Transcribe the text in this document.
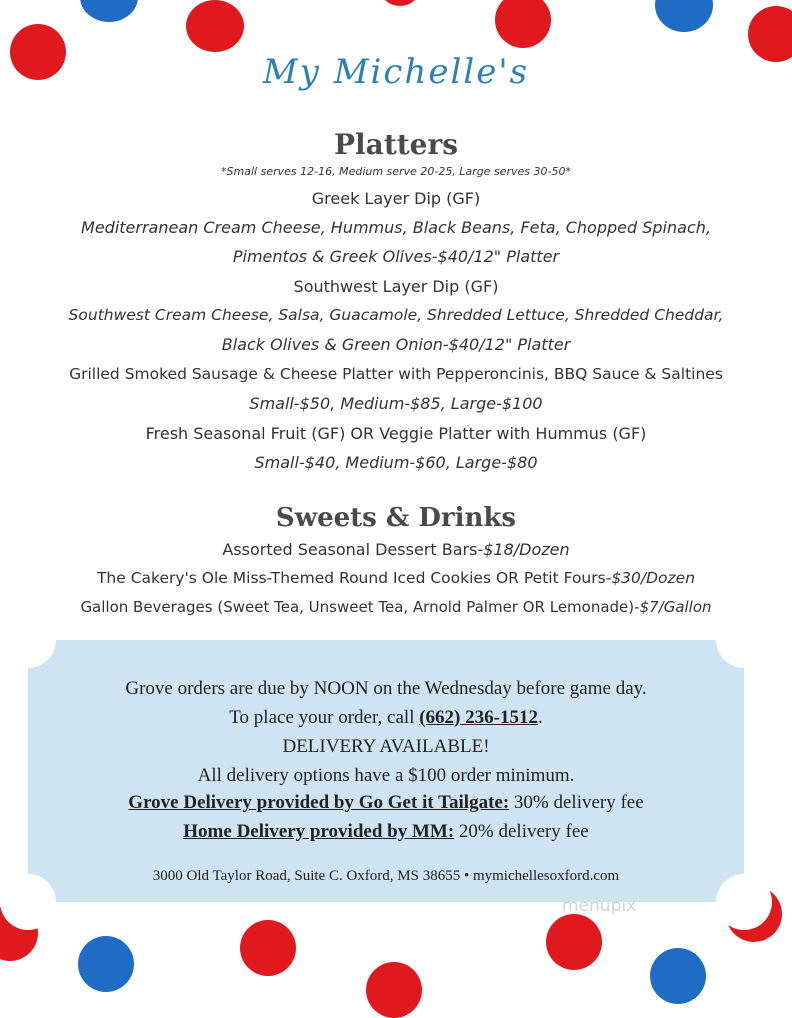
My Michelle's
Platters
*Small serves 12-16, Medium serve 20-25, Large serves 30-50*
Greek Layer Dip (GF)
Mediterranean Cream Cheese, Hummus, Black Beans, Feta, Chopped Spinach,
Pimentos & Greek Olives-$40/12" Platter
Southwest Layer Dip (GF)
Southwest Cream Cheese, Salsa, Guacamole, Shredded Lettuce, Shredded Cheddar,
Black Olives & Green Onion-$40/12" Platter
Grilled Smoked Sausage & Cheese Platter with Pepperoncinis, BBQ Sauce & Saltines
Small-$50, Medium-$85, Large-$100
Fresh Seasonal Fruit (GF) OR Veggie Platter with Hummus (GF)
Small-$40, Medium-$60, Large-$80
Sweets & Drinks
Assorted Seasonal Dessert Bars-$18/Dozen
The Cakery's Ole Miss-Themed Round Iced Cookies OR Petit Fours-$30/Dozen
Gallon Beverages (Sweet Tea, Unsweet Tea, Arnold Palmer OR Lemonade)-$7/Gallon
Grove orders are due by NOON on the Wednesday before game day.
To place your order, call (662) 236-1512.
DELIVERY AVAILABLE!
All delivery options have a $100 order minimum.
Grove Delivery provided by Go Get it Tailgate: 30% delivery fee
Home Delivery provided by MM: 20% delivery fee
3000 Old Taylor Road, Suite C. Oxford, MS 38655 • mymichellesoxford.com
menupix
